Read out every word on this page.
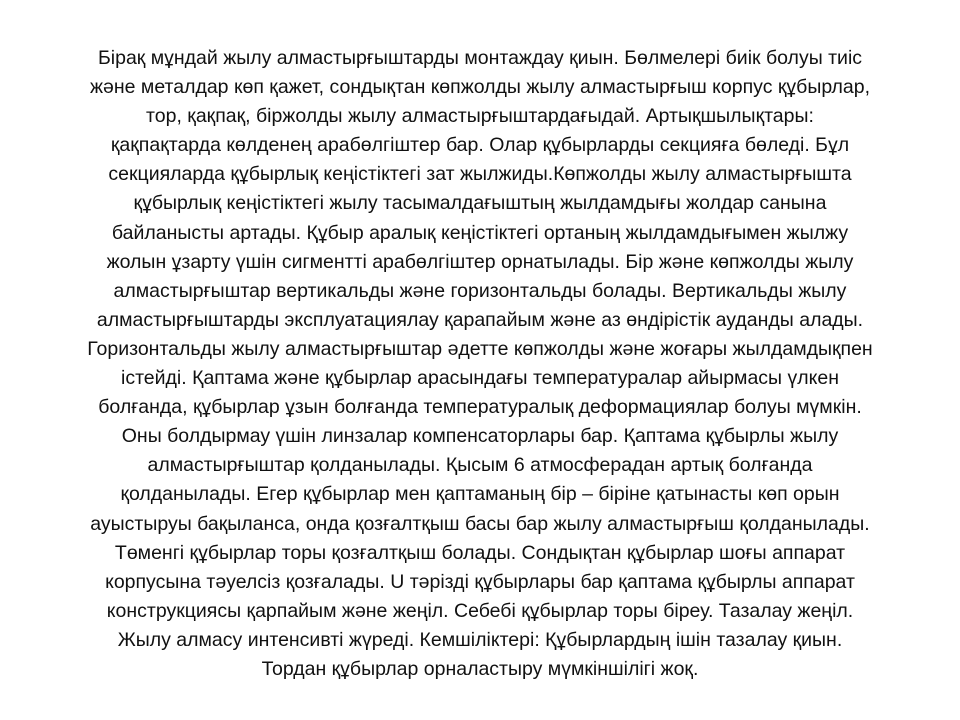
Бірақ мұндай жылу алмастырғыштарды монтаждау қиын. Бөлмелері биік болуы тиіс
және металдар көп қажет, сондықтан көпжолды жылу алмастырғыш корпус құбырлар,
тор, қақпақ, біржолды жылу алмастырғыштардағыдай. Артықшылықтары:
қақпақтарда көлденең арабөлгіштер бар. Олар құбырларды секцияға бөледі. Бұл
секцияларда құбырлық кеңістіктегі зат жылжиды.Көпжолды жылу алмастырғышта
құбырлық кеңістіктегі жылу тасымалдағыштың жылдамдығы жолдар санына
байланысты артады. Құбыр аралық кеңістіктегі ортаның жылдамдығымен жылжу
жолын ұзарту үшін сигментті арабөлгіштер орнатылады. Бір және көпжолды жылу
алмастырғыштар вертикальды және горизонтальды болады. Вертикальды жылу
алмастырғыштарды эксплуатациялау қарапайым және аз өндірістік ауданды алады.
Горизонтальды жылу алмастырғыштар әдетте көпжолды және жоғары жылдамдықпен
істейді. Қаптама және құбырлар арасындағы температуралар айырмасы үлкен
болғанда, құбырлар ұзын болғанда температуралық деформациялар болуы мүмкін.
Оны болдырмау үшін линзалар компенсаторлары бар. Қаптама құбырлы жылу
алмастырғыштар қолданылады. Қысым 6 атмосферадан артық болғанда
қолданылады. Егер құбырлар мен қаптаманың бір – біріне қатынасты көп орын
ауыстыруы бақыланса, онда қозғалтқыш басы бар жылу алмастырғыш қолданылады.
Төменгі құбырлар торы қозғалтқыш болады. Сондықтан құбырлар шоғы аппарат
корпусына тәуелсіз қозғалады. U тәрізді құбырлары бар қаптама құбырлы аппарат
конструкциясы қарпайым және жеңіл. Себебі құбырлар торы біреу. Тазалау жеңіл.
Жылу алмасу интенсивті жүреді. Кемшіліктері: Құбырлардың ішін тазалау қиын.
Тордан құбырлар орналастыру мүмкіншілігі жоқ.
